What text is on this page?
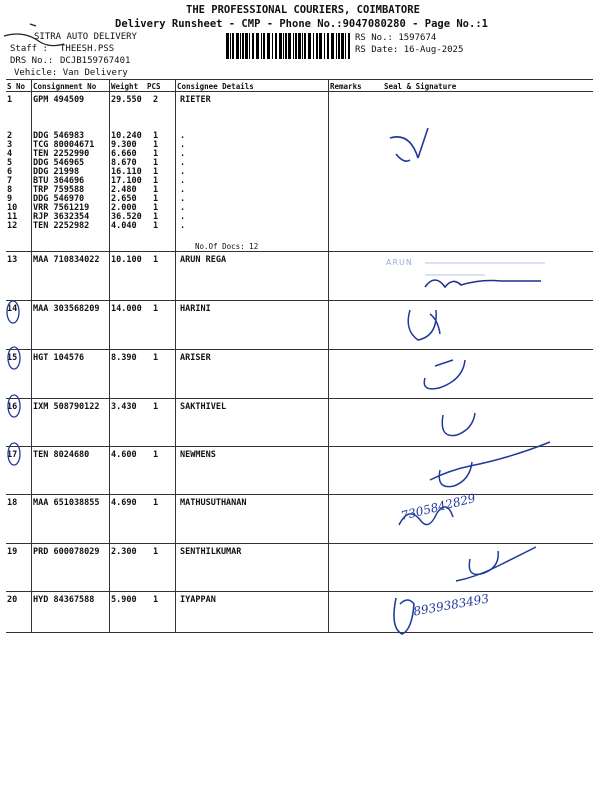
THE PROFESSIONAL COURIERS, COIMBATORE
Delivery Runsheet - CMP - Phone No.:9047080280 - Page No.:1
SITRA AUTO DELIVERY
Staff : THEESH.PSS
DRS No.: DCJB159767401
Vehicle: Van Delivery
RS No.: 1597674
RS Date: 16-Aug-2025
S No Consignment No Weight PCS Consignee Details	Remarks	Seal & Signature
1 GPM 494509	29.550 2	RIETER
2 DDG 546983	10.240 1	.
3 TCG 80004671 9.300 1	.
4 TEN 2252990	6.660 1	.
5 DDG 546965	8.670 1	.
6 DDG 21998	16.110 1	.
7 BTU 364696	17.100 1	.
8 TRP 759588	2.480 1	.
9 DDG 546970	2.650 1	.
10 VRR 7561219	2.000 1	.
11 RJP 3632354	36.520 1	.
12 TEN 2252982	4.040 1	.
13 MAA 710834022 10.100 1	ARUN REGA
14 MAA 303568209 14.000 1	HARINI
15 HGT 104576	8.390 1	ARISER
16 IXM 508790122 3.430 1	SAKTHIVEL
17 TEN 8024680	4.600 1	NEWMENS
18 MAA 651038855 4.690 1	MATHUSUTHANAN
19 PRD 600078029 2.300 1	SENTHILKUMAR
20 HYD 84367588 5.900 1	IYAPPAN
No.Of Docs: 12
ARUN
7305842829
8939383493
